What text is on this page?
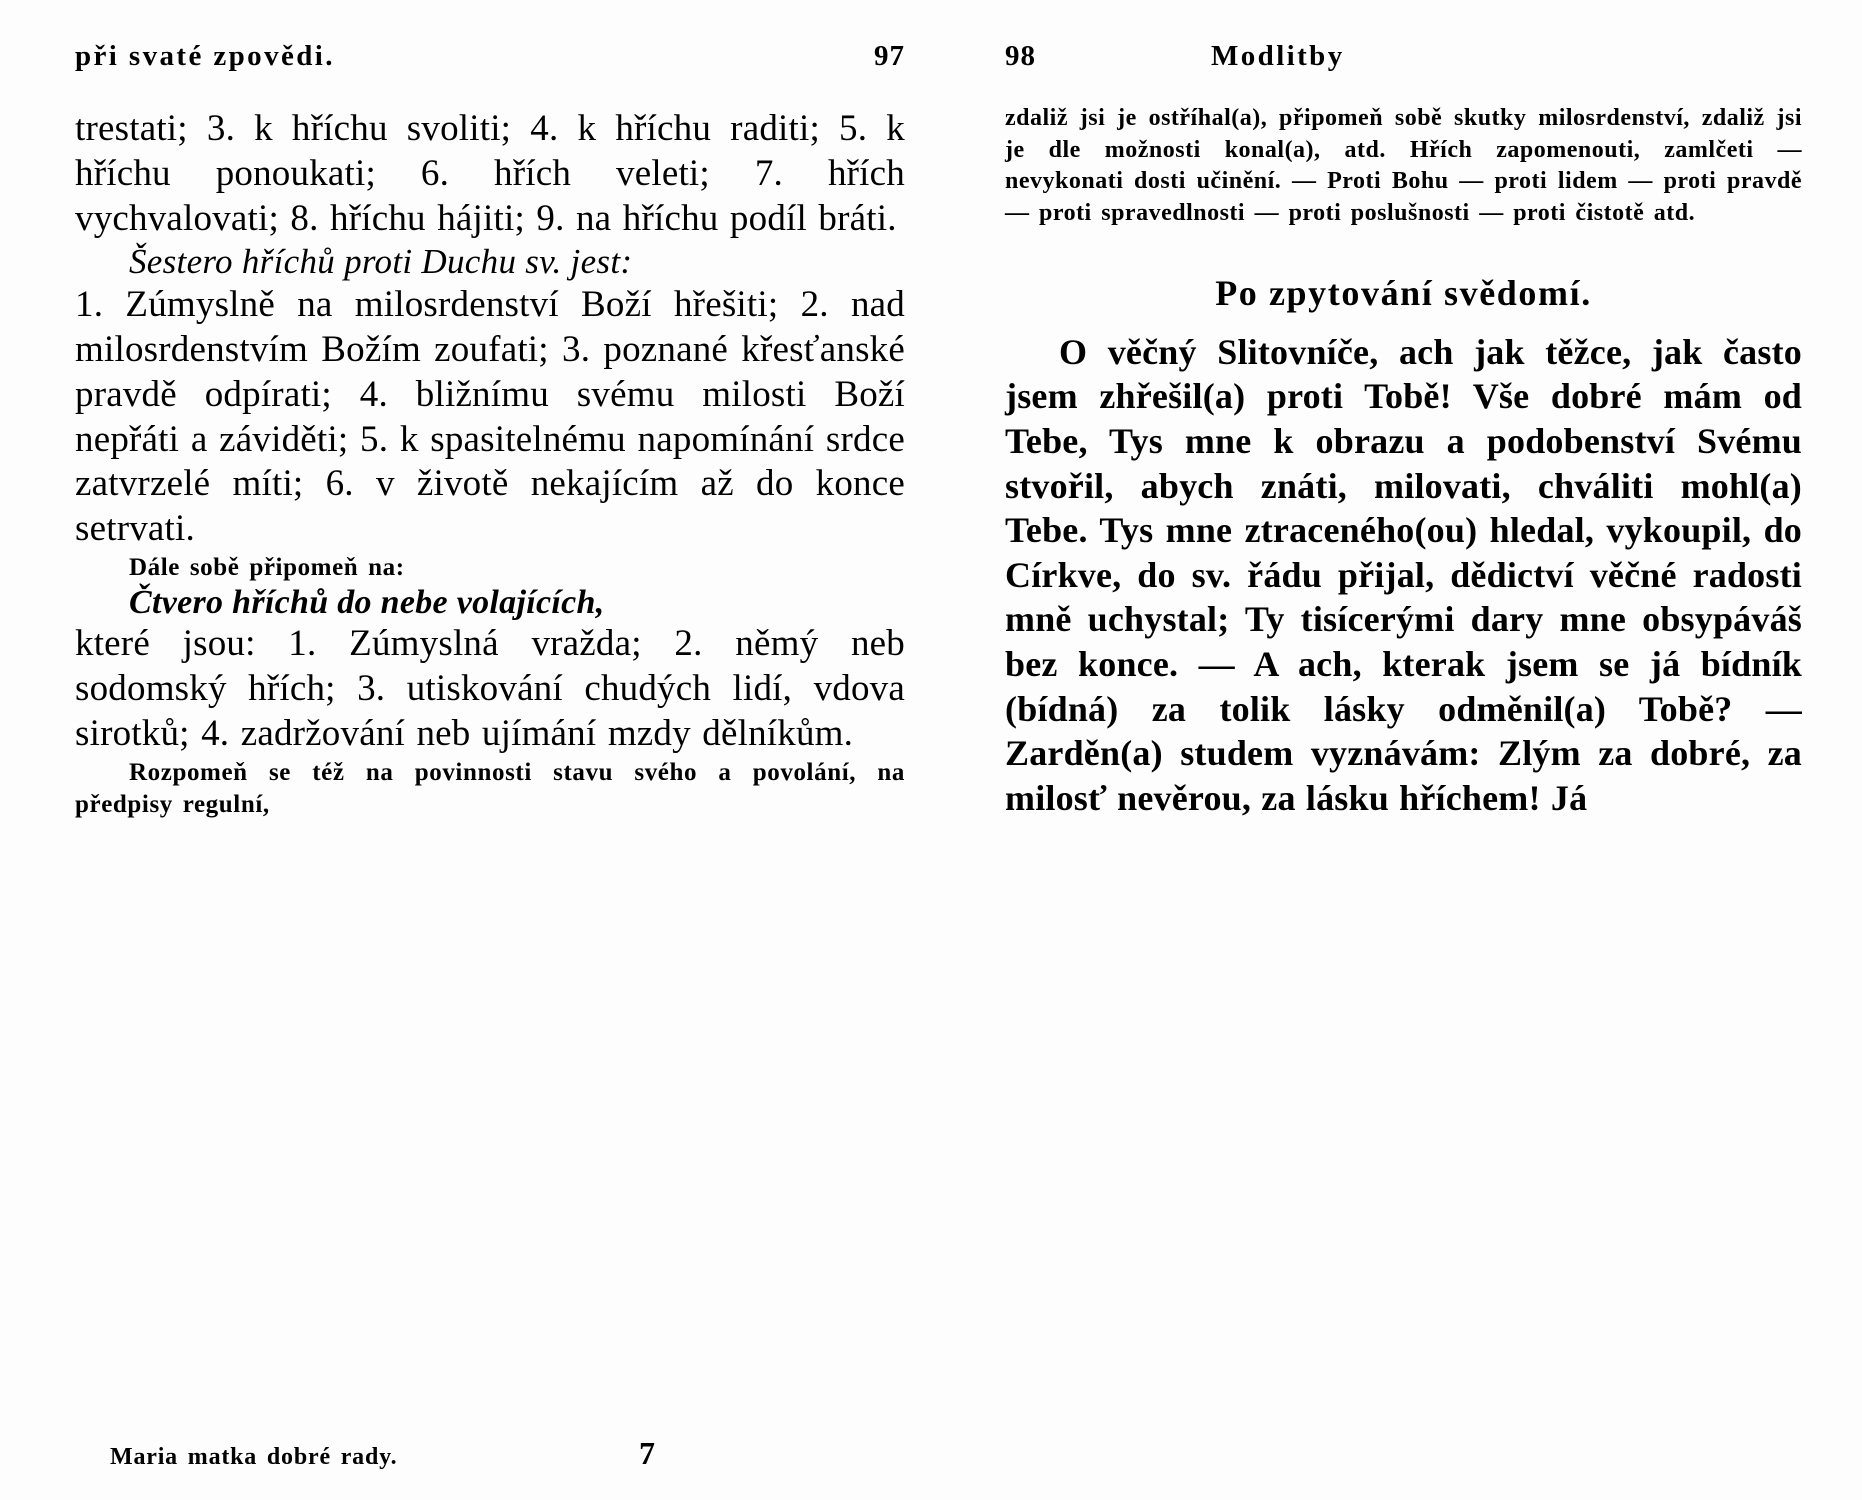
při svaté zpovědi.	97

trestati; 3. k hříchu svoliti; 4. k hříchu raditi; 5. k hříchu ponoukati; 6. hřích veleti; 7. hřích vychvalovati; 8. hříchu hájiti; 9. na hříchu podíl bráti.

Šestero hříchů proti Duchu sv. jest:

1. Zúmyslně na milosrdenství Boží hřešiti; 2. nad milosrdenstvím Božím zoufati; 3. poznané křesťanské pravdě odpírati; 4. bližnímu svému milosti Boží nepřáti a záviděti; 5. k spasitelnému napomínání srdce zatvrzelé míti; 6. v životě nekajícím až do konce setrvati.

Dále sobě připomeň na:

Čtvero hříchů do nebe volajících,

které jsou: 1. Zúmyslná vražda; 2. němý neb sodomský hřích; 3. utiskování chudých lidí, vdova sirotků; 4. zadržování neb ujímání mzdy dělníkům.

Rozpomeň se též na povinnosti stavu svého a povolání, na předpisy regulní,

Maria matka dobré rady.	7
98	Modlitby

zdaliž jsi je ostříhal(a), připomeň sobě skutky milosrdenství, zdaliž jsi je dle možnosti konal(a), atd. Hřích zapomenouti, zamlčeti — nevykonati dosti učinění. — Proti Bohu — proti lidem — proti pravdě — proti spravedlnosti — proti poslušnosti — proti čistotě atd.

Po zpytování svědomí.

O věčný Slitovníče, ach jak těžce, jak často jsem zhřešil(a) proti Tobě! Vše dobré mám od Tebe, Tys mne k obrazu a podobenství Svému stvořil, abych znáti, milovati, chváliti mohl(a) Tebe. Tys mne ztraceného(ou) hledal, vykoupil, do Církve, do sv. řádu přijal, dědictví věčné radosti mně uchystal; Ty tisícerými dary mne obsypáváš bez konce. — A ach, kterak jsem se já bídník (bídná) za tolik lásky odměnil(a) Tobě? — Zarděn(a) studem vyznávám: Zlým za dobré, za milosť nevěrou, za lásku hříchem! Já
